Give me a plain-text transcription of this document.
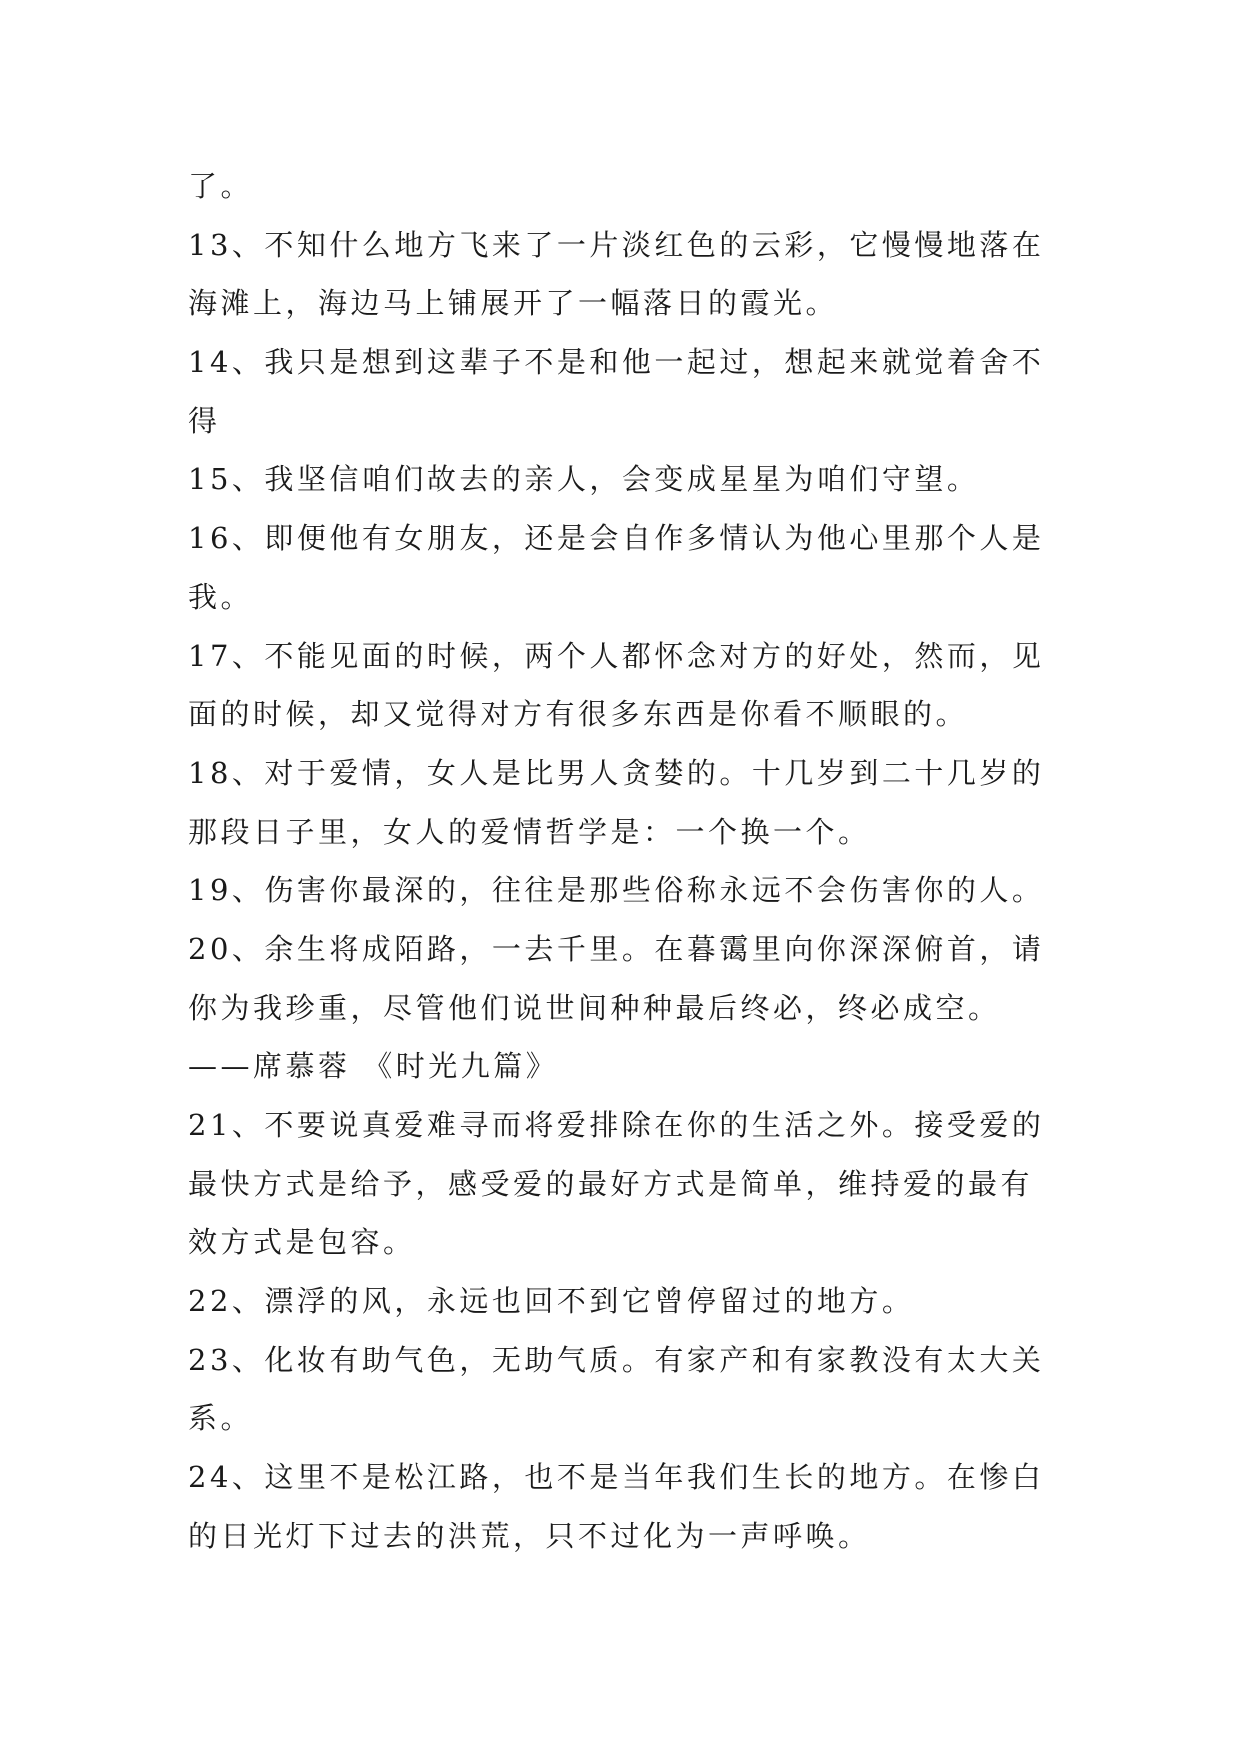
了。
13、不知什么地方飞来了一片淡红色的云彩，它慢慢地落在
海滩上，海边马上铺展开了一幅落日的霞光。
14、我只是想到这辈子不是和他一起过，想起来就觉着舍不
得
15、我坚信咱们故去的亲人，会变成星星为咱们守望。
16、即便他有女朋友，还是会自作多情认为他心里那个人是
我。
17、不能见面的时候，两个人都怀念对方的好处，然而，见
面的时候，却又觉得对方有很多东西是你看不顺眼的。
18、对于爱情，女人是比男人贪婪的。十几岁到二十几岁的
那段日子里，女人的爱情哲学是：一个换一个。
19、伤害你最深的，往往是那些俗称永远不会伤害你的人。
20、余生将成陌路，一去千里。在暮霭里向你深深俯首，请
你为我珍重，尽管他们说世间种种最后终必，终必成空。
——席慕蓉 《时光九篇》
21、不要说真爱难寻而将爱排除在你的生活之外。接受爱的
最快方式是给予，感受爱的最好方式是简单，维持爱的最有
效方式是包容。
22、漂浮的风，永远也回不到它曾停留过的地方。
23、化妆有助气色，无助气质。有家产和有家教没有太大关
系。
24、这里不是松江路，也不是当年我们生长的地方。在惨白
的日光灯下过去的洪荒，只不过化为一声呼唤。
